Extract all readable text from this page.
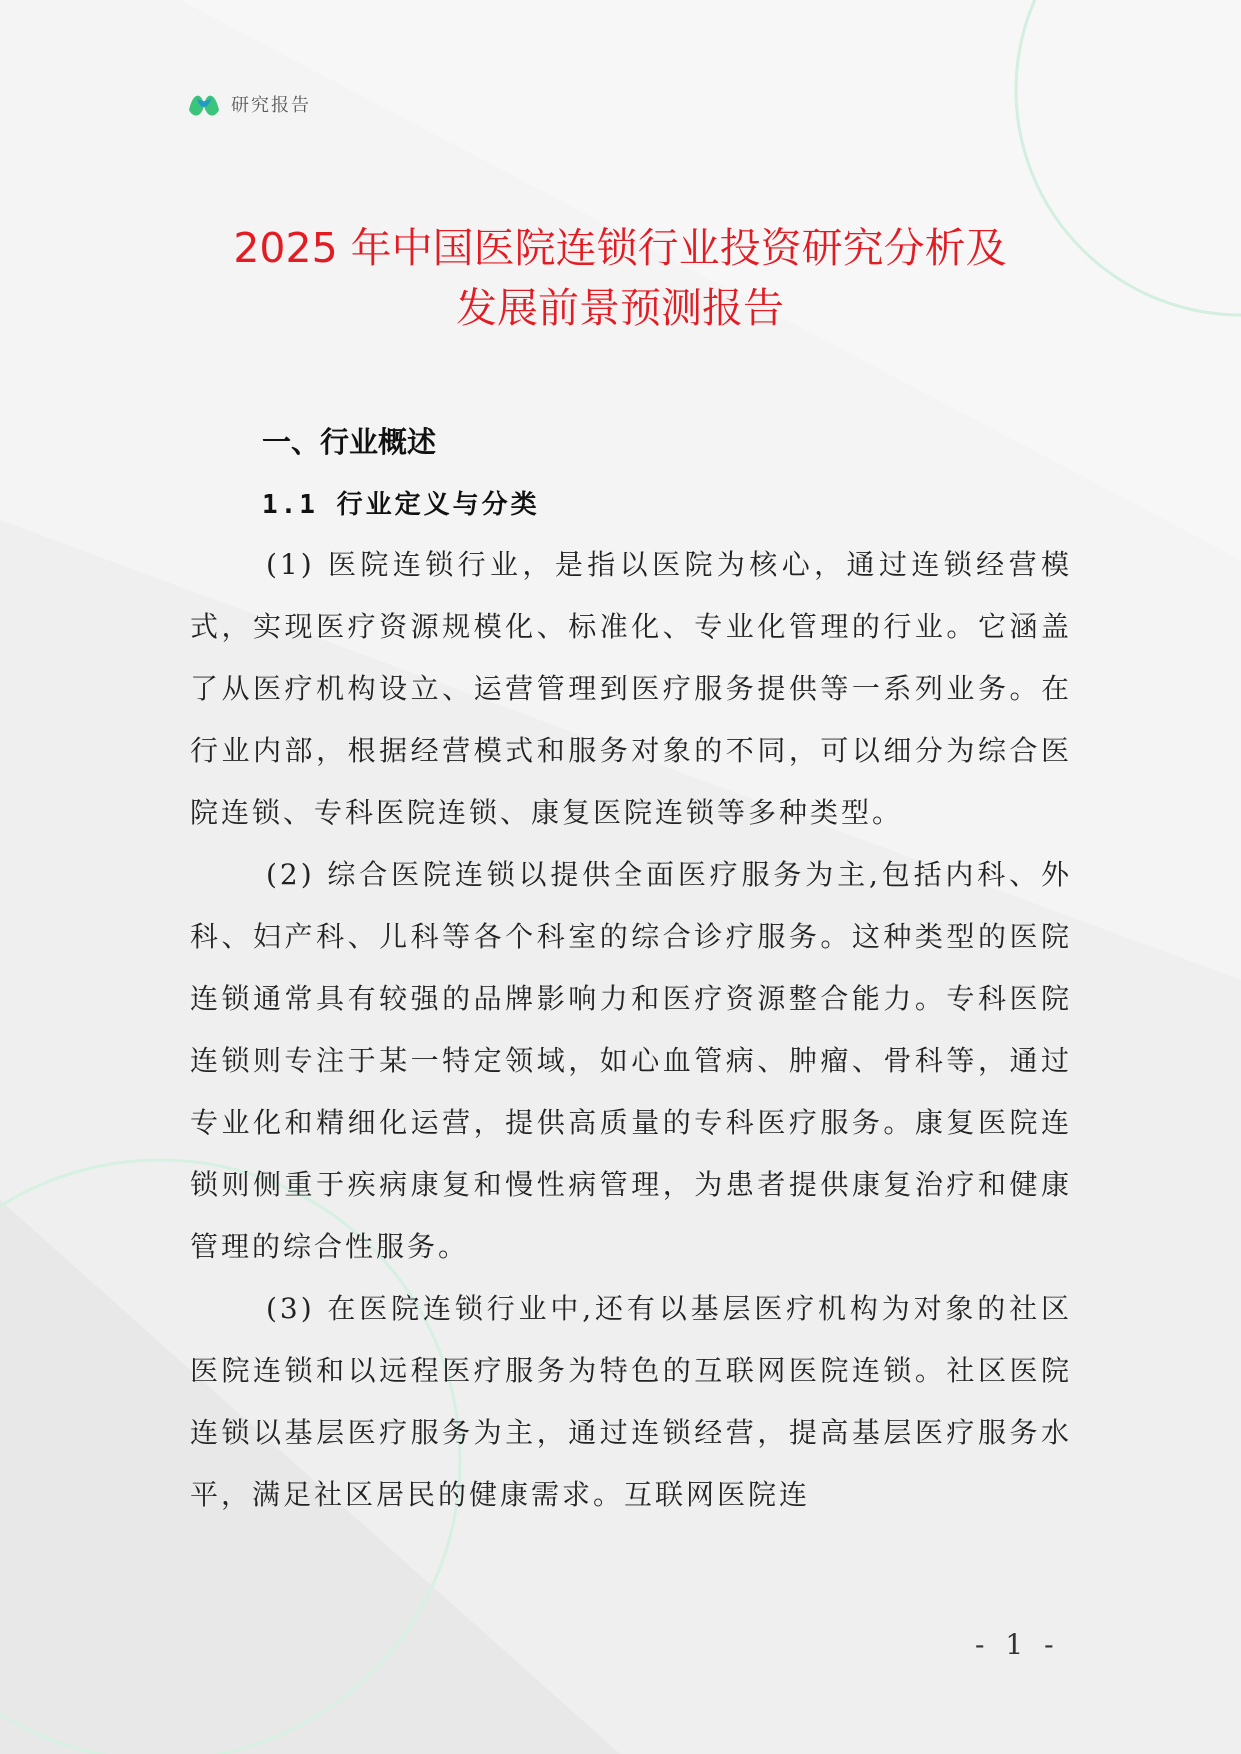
研究报告
2025 年中国医院连锁行业投资研究分析及
发展前景预测报告
一、行业概述
1.1 行业定义与分类

(1) 医院连锁行业，是指以医院为核心，通过连锁经营模式，实现医疗资源规模化、标准化、专业化管理的行业。它涵盖了从医疗机构设立、运营管理到医疗服务提供等一系列业务。在行业内部，根据经营模式和服务对象的不同，可以细分为综合医院连锁、专科医院连锁、康复医院连锁等多种类型。

(2) 综合医院连锁以提供全面医疗服务为主,包括内科、外科、妇产科、儿科等各个科室的综合诊疗服务。这种类型的医院连锁通常具有较强的品牌影响力和医疗资源整合能力。专科医院连锁则专注于某一特定领域，如心血管病、肿瘤、骨科等，通过专业化和精细化运营，提供高质量的专科医疗服务。康复医院连锁则侧重于疾病康复和慢性病管理，为患者提供康复治疗和健康管理的综合性服务。

(3) 在医院连锁行业中,还有以基层医疗机构为对象的社区医院连锁和以远程医疗服务为特色的互联网医院连锁。社区医院连锁以基层医疗服务为主，通过连锁经营，提高基层医疗服务水平，满足社区居民的健康需求。互联网医院连

- 1 -
